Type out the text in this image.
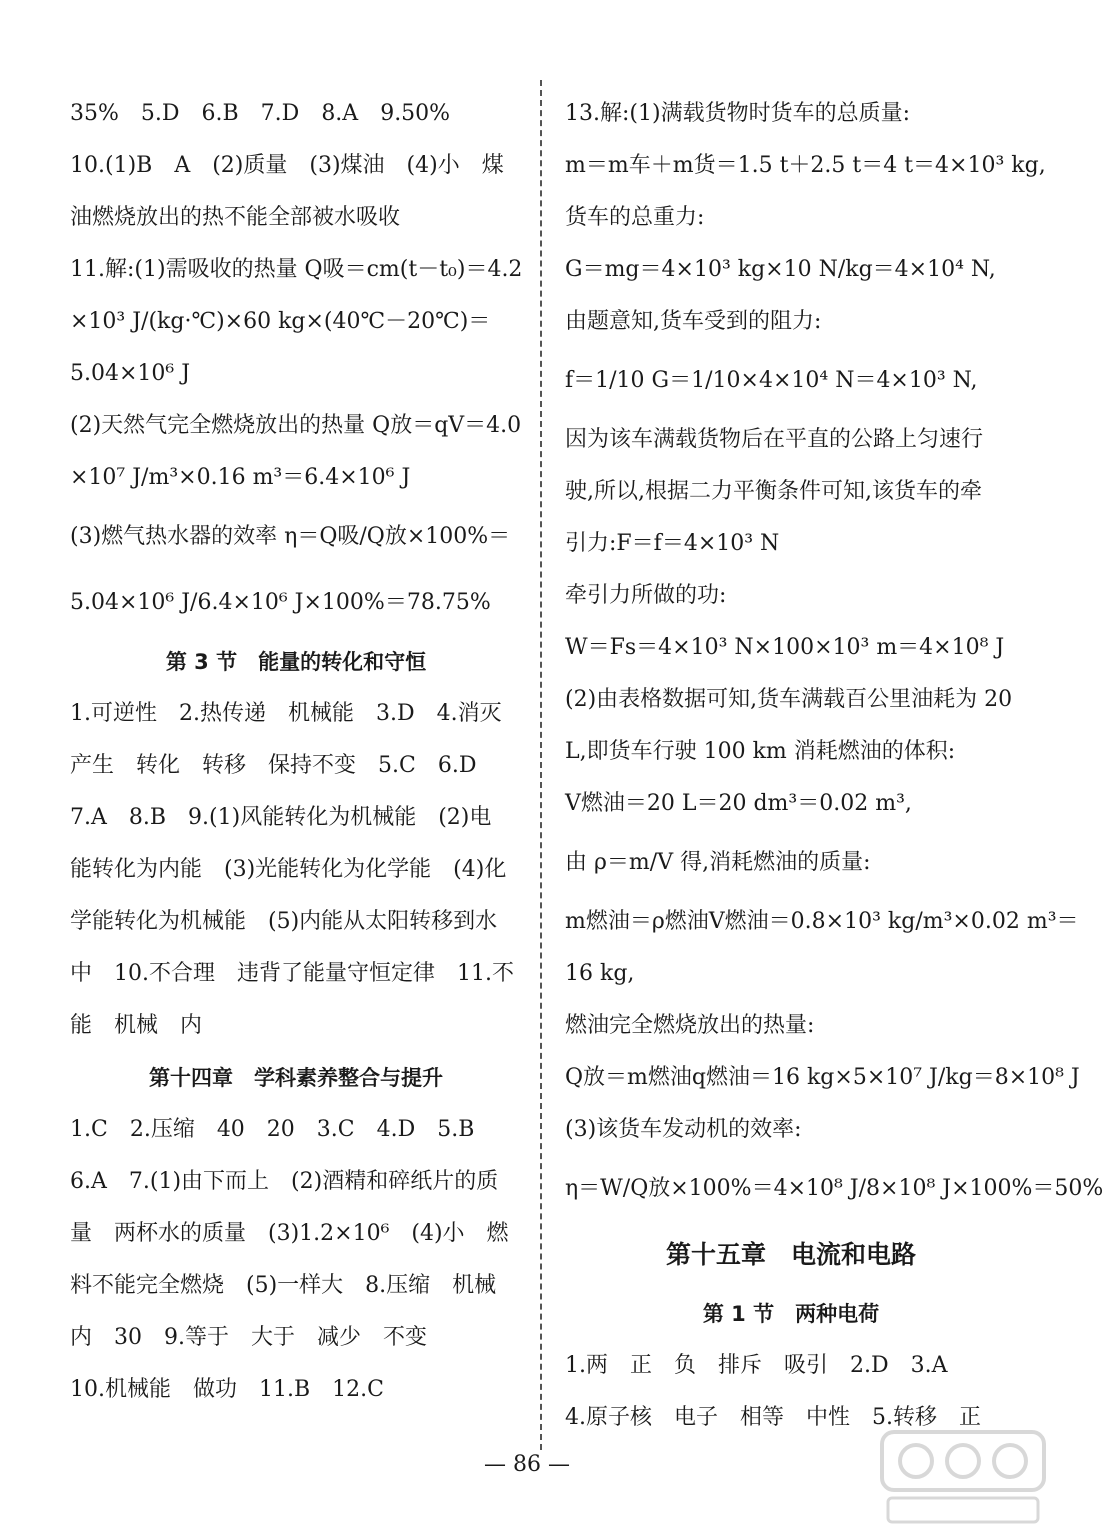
35%　5.D　6.B　7.D　8.A　9.50%
10.(1)B　A　(2)质量　(3)煤油　(4)小　煤
油燃烧放出的热不能全部被水吸收
11.解:(1)需吸收的热量 Q吸＝cm(t－t₀)＝4.2
×10³ J/(kg·℃)×60 kg×(40℃－20℃)＝
5.04×10⁶ J
(2)天然气完全燃烧放出的热量 Q放＝qV＝4.0
×10⁷ J/m³×0.16 m³＝6.4×10⁶ J
(3)燃气热水器的效率 η＝Q吸/Q放×100%＝
5.04×10⁶ J/6.4×10⁶ J×100%＝78.75%
第 3 节　能量的转化和守恒
1.可逆性　2.热传递　机械能　3.D　4.消灭
产生　转化　转移　保持不变　5.C　6.D
7.A　8.B　9.(1)风能转化为机械能　(2)电
能转化为内能　(3)光能转化为化学能　(4)化
学能转化为机械能　(5)内能从太阳转移到水
中　10.不合理　违背了能量守恒定律　11.不
能　机械　内
第十四章　学科素养整合与提升
1.C　2.压缩　40　20　3.C　4.D　5.B
6.A　7.(1)由下而上　(2)酒精和碎纸片的质
量　两杯水的质量　(3)1.2×10⁶　(4)小　燃
料不能完全燃烧　(5)一样大　8.压缩　机械
内　30　9.等于　大于　减少　不变
10.机械能　做功　11.B　12.C
13.解:(1)满载货物时货车的总质量:
m＝m车＋m货＝1.5 t＋2.5 t＝4 t＝4×10³ kg,
货车的总重力:
G＝mg＝4×10³ kg×10 N/kg＝4×10⁴ N,
由题意知,货车受到的阻力:
f＝1/10 G＝1/10×4×10⁴ N＝4×10³ N,
因为该车满载货物后在平直的公路上匀速行
驶,所以,根据二力平衡条件可知,该货车的牵
引力:F＝f＝4×10³ N
牵引力所做的功:
W＝Fs＝4×10³ N×100×10³ m＝4×10⁸ J
(2)由表格数据可知,货车满载百公里油耗为 20
L,即货车行驶 100 km 消耗燃油的体积:
V燃油＝20 L＝20 dm³＝0.02 m³,
由 ρ＝m/V 得,消耗燃油的质量:
m燃油＝ρ燃油V燃油＝0.8×10³ kg/m³×0.02 m³＝
16 kg,
燃油完全燃烧放出的热量:
Q放＝m燃油q燃油＝16 kg×5×10⁷ J/kg＝8×10⁸ J
(3)该货车发动机的效率:
η＝W/Q放×100%＝4×10⁸ J/8×10⁸ J×100%＝50%
第十五章　电流和电路
第 1 节　两种电荷
1.两　正　负　排斥　吸引　2.D　3.A
4.原子核　电子　相等　中性　5.转移　正
— 86 —
